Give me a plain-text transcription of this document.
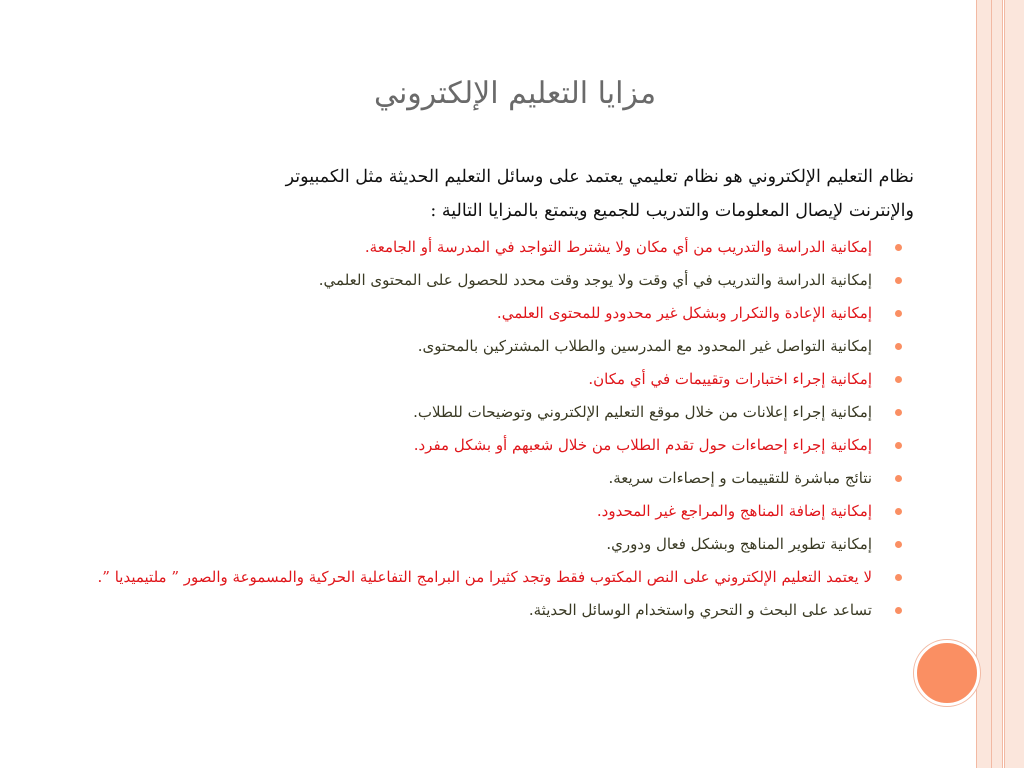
مزايا التعليم الإلكتروني
نظام التعليم الإلكتروني هو نظام تعليمي يعتمد على وسائل التعليم الحديثة مثل الكمبيوتر
والإنترنت لإيصال المعلومات والتدريب للجميع ويتمتع بالمزايا التالية :
إمكانية الدراسة والتدريب من أي مكان ولا يشترط التواجد في المدرسة أو الجامعة.
إمكانية الدراسة والتدريب في أي وقت ولا يوجد وقت محدد للحصول على المحتوى العلمي.
إمكانية الإعادة والتكرار وبشكل غير محدودو للمحتوى العلمي.
إمكانية التواصل غير المحدود مع المدرسين والطلاب المشتركين بالمحتوى.
إمكانية إجراء اختبارات وتقييمات في أي مكان.
إمكانية إجراء إعلانات من خلال موقع التعليم الإلكتروني وتوضيحات للطلاب.
إمكانية إجراء إحصاءات حول تقدم الطلاب من خلال شعبهم أو بشكل مفرد.
نتائج مباشرة للتقييمات و إحصاءات سريعة.
إمكانية إضافة المناهج والمراجع غير المحدود.
إمكانية تطوير المناهج وبشكل فعال ودوري.
لا يعتمد التعليم الإلكتروني على النص المكتوب فقط وتجد كثيرا من البرامج التفاعلية الحركية والمسموعة والصور ” ملتيميديا ”.
تساعد على البحث و التحري واستخدام الوسائل الحديثة.
